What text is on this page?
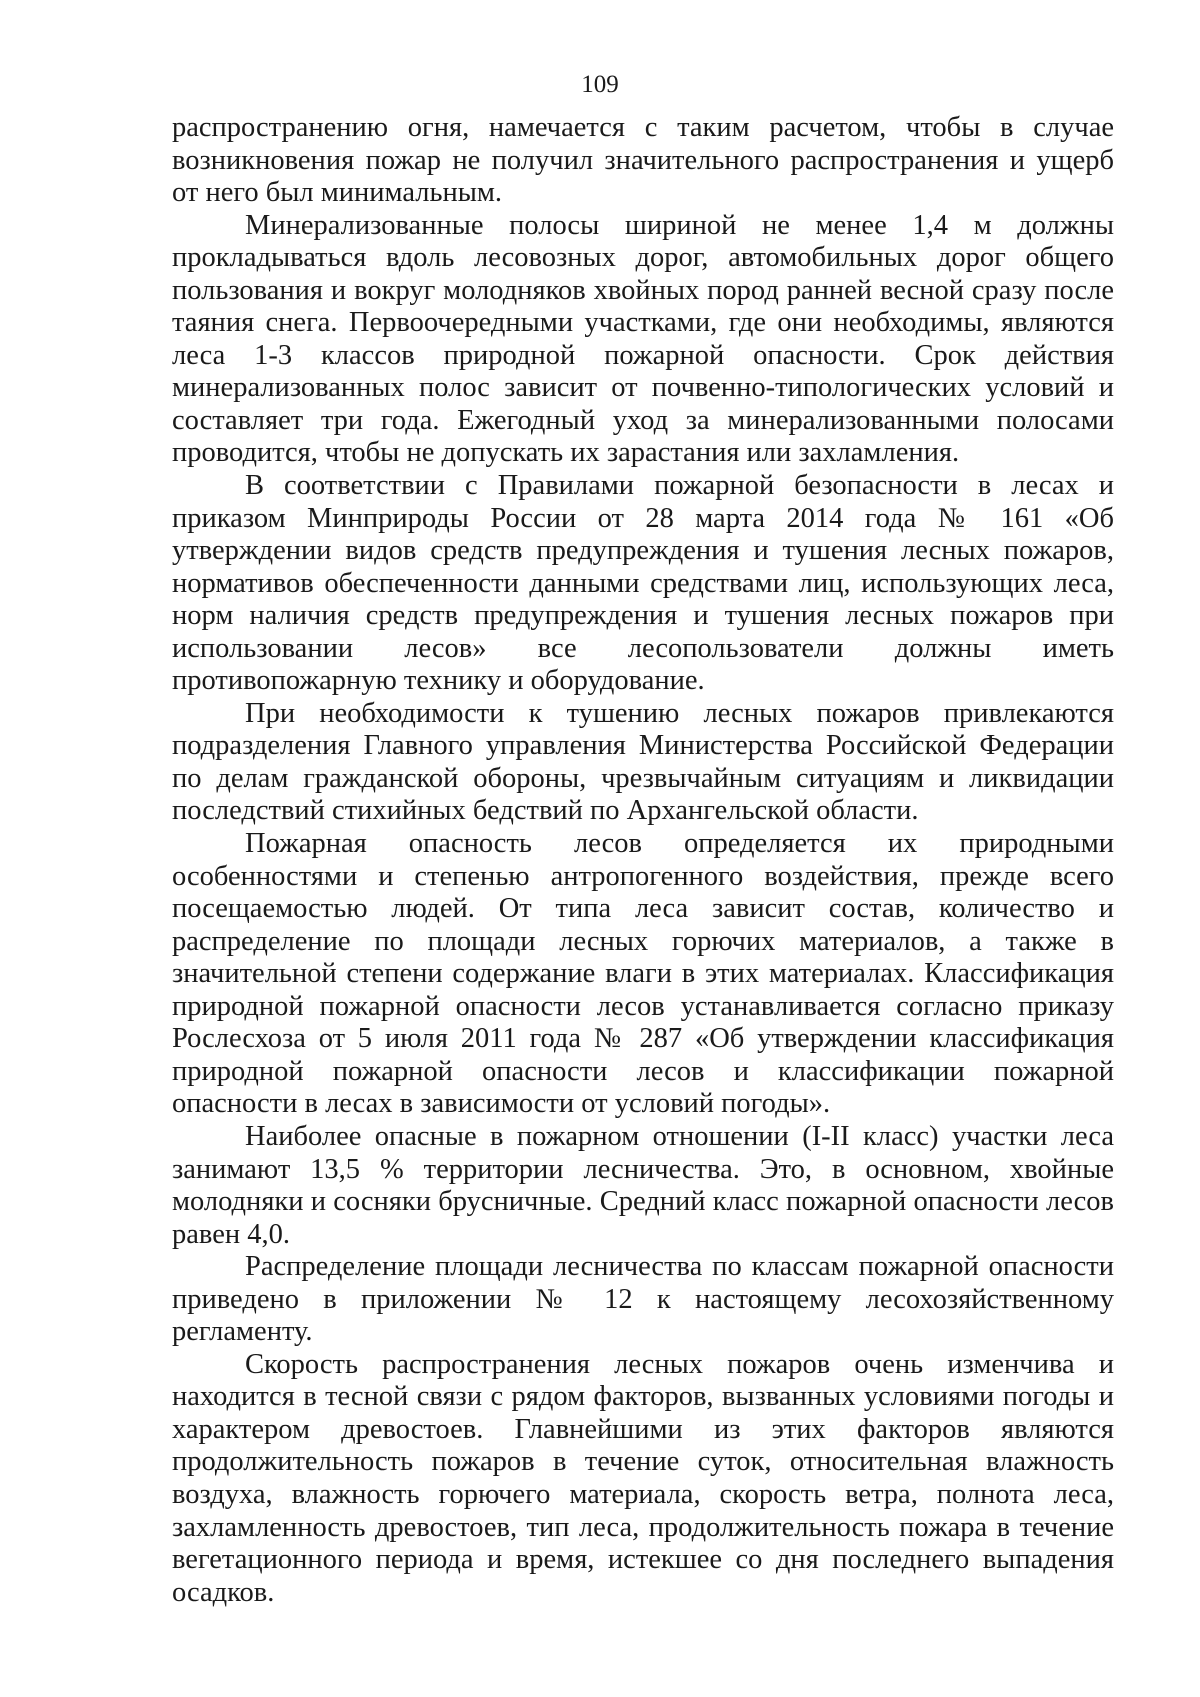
109

распространению огня, намечается с таким расчетом, чтобы в случае возникновения пожар не получил значительного распространения и ущерб от него был минимальным.

Минерализованные полосы шириной не менее 1,4 м должны прокладываться вдоль лесовозных дорог, автомобильных дорог общего пользования и вокруг молодняков хвойных пород ранней весной сразу после таяния снега. Первоочередными участками, где они необходимы, являются леса 1-3 классов природной пожарной опасности. Срок действия минерализованных полос зависит от почвенно-типологических условий и составляет три года. Ежегодный уход за минерализованными полосами проводится, чтобы не допускать их зарастания или захламления.

В соответствии с Правилами пожарной безопасности в лесах и приказом Минприроды России от 28 марта 2014 года № 161 «Об утверждении видов средств предупреждения и тушения лесных пожаров, нормативов обеспеченности данными средствами лиц, использующих леса, норм наличия средств предупреждения и тушения лесных пожаров при использовании лесов» все лесопользователи должны иметь противопожарную технику и оборудование.

При необходимости к тушению лесных пожаров привлекаются подразделения Главного управления Министерства Российской Федерации по делам гражданской обороны, чрезвычайным ситуациям и ликвидации последствий стихийных бедствий по Архангельской области.

Пожарная опасность лесов определяется их природными особенностями и степенью антропогенного воздействия, прежде всего посещаемостью людей. От типа леса зависит состав, количество и распределение по площади лесных горючих материалов, а также в значительной степени содержание влаги в этих материалах. Классификация природной пожарной опасности лесов устанавливается согласно приказу Рослесхоза от 5 июля 2011 года № 287 «Об утверждении классификация природной пожарной опасности лесов и классификации пожарной опасности в лесах в зависимости от условий погоды».

Наиболее опасные в пожарном отношении (I-II класс) участки леса занимают 13,5 % территории лесничества. Это, в основном, хвойные молодняки и сосняки брусничные. Средний класс пожарной опасности лесов равен 4,0.

Распределение площади лесничества по классам пожарной опасности приведено в приложении № 12 к настоящему лесохозяйственному регламенту.

Скорость распространения лесных пожаров очень изменчива и находится в тесной связи с рядом факторов, вызванных условиями погоды и характером древостоев. Главнейшими из этих факторов являются продолжительность пожаров в течение суток, относительная влажность воздуха, влажность горючего материала, скорость ветра, полнота леса, захламленность древостоев, тип леса, продолжительность пожара в течение вегетационного периода и время, истекшее со дня последнего выпадения осадков.
